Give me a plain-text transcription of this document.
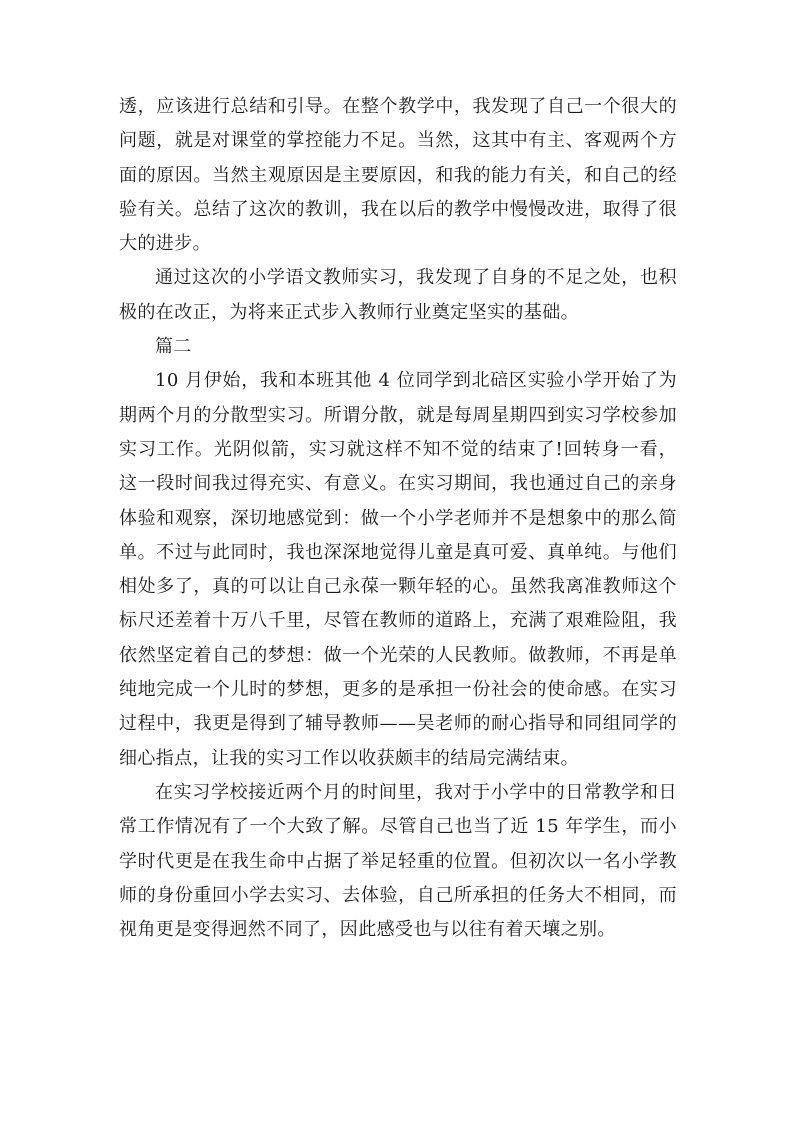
透，应该进行总结和引导。在整个教学中，我发现了自己一个很大的问题，就是对课堂的掌控能力不足。当然，这其中有主、客观两个方面的原因。当然主观原因是主要原因，和我的能力有关，和自己的经验有关。总结了这次的教训，我在以后的教学中慢慢改进，取得了很大的进步。

通过这次的小学语文教师实习，我发现了自身的不足之处，也积极的在改正，为将来正式步入教师行业奠定坚实的基础。

篇二

10 月伊始，我和本班其他 4 位同学到北碚区实验小学开始了为期两个月的分散型实习。所谓分散，就是每周星期四到实习学校参加实习工作。光阴似箭，实习就这样不知不觉的结束了!回转身一看，这一段时间我过得充实、有意义。在实习期间，我也通过自己的亲身体验和观察，深切地感觉到：做一个小学老师并不是想象中的那么简单。不过与此同时，我也深深地觉得儿童是真可爱、真单纯。与他们相处多了，真的可以让自己永葆一颗年轻的心。虽然我离准教师这个标尺还差着十万八千里，尽管在教师的道路上，充满了艰难险阻，我依然坚定着自己的梦想：做一个光荣的人民教师。做教师，不再是单纯地完成一个儿时的梦想，更多的是承担一份社会的使命感。在实习过程中，我更是得到了辅导教师——吴老师的耐心指导和同组同学的细心指点，让我的实习工作以收获颇丰的结局完满结束。

在实习学校接近两个月的时间里，我对于小学中的日常教学和日常工作情况有了一个大致了解。尽管自己也当了近 15 年学生，而小学时代更是在我生命中占据了举足轻重的位置。但初次以一名小学教师的身份重回小学去实习、去体验，自己所承担的任务大不相同，而视角更是变得迥然不同了，因此感受也与以往有着天壤之别。
